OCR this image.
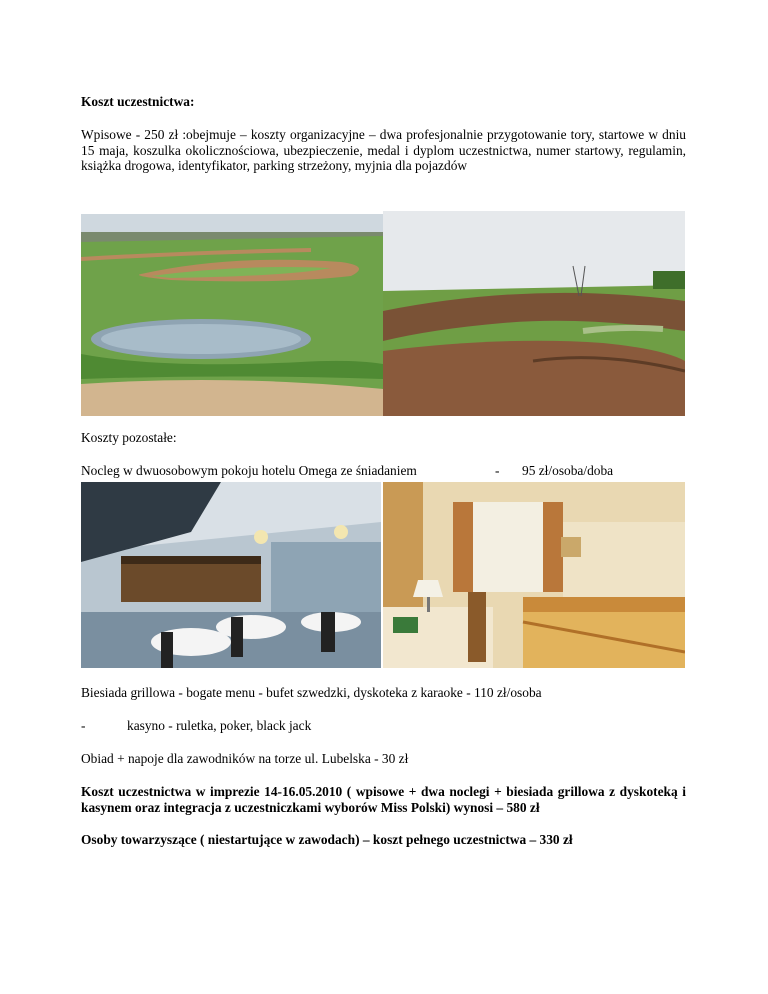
Koszt uczestnictwa:

Wpisowe - 250 zł :obejmuje – koszty organizacyjne – dwa profesjonalnie przygotowanie tory, startowe w dniu 15 maja, koszulka okolicznościowa, ubezpieczenie, medal i dyplom uczestnictwa, numer startowy, regulamin, książka drogowa, identyfikator, parking strzeżony, myjnia dla pojazdów

Koszty pozostałe:

Nocleg w dwuosobowym pokoju hotelu Omega ze śniadaniem	- 95 zł/osoba/doba

Biesiada grillowa - bogate menu - bufet szwedzki, dyskoteka z karaoke - 110 zł/osoba

-	kasyno - ruletka, poker, black jack

Obiad + napoje dla zawodników na torze ul. Lubelska - 30 zł

Koszt uczestnictwa w imprezie 14-16.05.2010 ( wpisowe + dwa noclegi + biesiada grillowa z dyskoteką i kasynem oraz integracja z uczestniczkami wyborów Miss Polski) wynosi – 580 zł

Osoby towarzyszące ( niestartujące w zawodach) – koszt pełnego uczestnictwa – 330 zł
